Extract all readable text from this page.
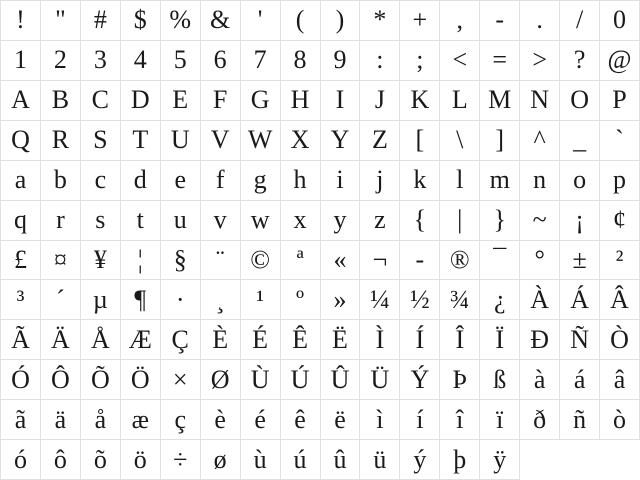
!	"	#	$ % &	'	(	)	*	+	,	-	.	/	0
1	2	3	4	5	6	7	8	9	:	;	< = >	? @
A B C D E F G H	I	J K L M N O P
Q R S T U V W X Y Z	[	\	]	^	_	`
a	b	c	d	e	f	g	h	i	j	k	l	m n	o	p
q	r	s	t	u	v w x	y	z	{	|	}	~	¡	¢
£	¤	¥	¦	§	¨ ©	ª	«	¬	- ® ¯	°	±	²
³	´	µ	¶	·	¸	¹	º	» ¼ ½ ¾ ¿ À Á Â
Ã Ä Å Æ Ç È É Ê Ë	Ì	Í	Î	Ï	Ð Ñ Ò
Ó Ô Õ Ö × Ø Ù Ú Û Ü Ý Þ	ß	à	á	â
ã	ä	å æ ç	è	é	ê	ë	ì	í	î	ï	ð	ñ	ò
ó	ô	õ	ö	÷	ø	ù	ú	û	ü	ý	þ	ÿ
